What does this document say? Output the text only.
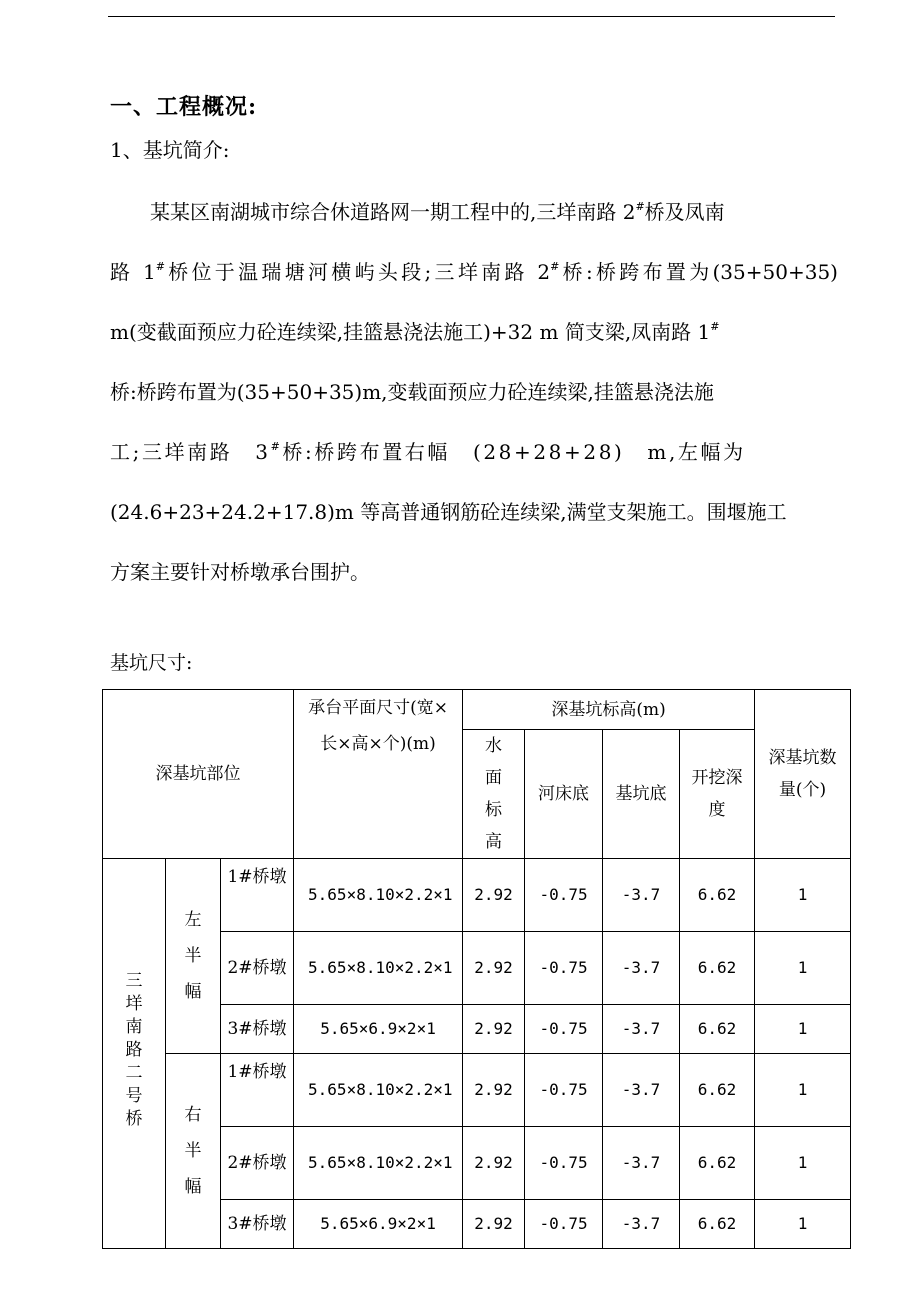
一、工程概况:
1、基坑简介:
某某区南湖城市综合休道路网一期工程中的,三垟南路 2#桥及凤南
路 1#桥位于温瑞塘河横屿头段;三垟南路 2#桥:桥跨布置为(35+50+35)
m(变截面预应力砼连续梁,挂篮悬浇法施工)+32 m 简支梁,凤南路 1#
桥:桥跨布置为(35+50+35)m,变载面预应力砼连续梁,挂篮悬浇法施
工;三垟南路 3#桥:桥跨布置右幅 (28+28+28) m,左幅为
(24.6+23+24.2+17.8)m 等高普通钢筋砼连续梁,满堂支架施工。围堰施工
方案主要针对桥墩承台围护。
基坑尺寸:
深基坑部位			承台平面尺寸(宽×长×高×个)(m)	深基坑标高(m)				深基坑数量(个)
				水面标高	河床底	基坑底	开挖深度	
三垟南路二号桥	左半幅	1#桥墩	5.65×8.10×2.2×1	2.92	-0.75	-3.7	6.62	1
		2#桥墩	5.65×8.10×2.2×1	2.92	-0.75	-3.7	6.62	1
		3#桥墩	5.65×6.9×2×1	2.92	-0.75	-3.7	6.62	1
	右半幅	1#桥墩	5.65×8.10×2.2×1	2.92	-0.75	-3.7	6.62	1
		2#桥墩	5.65×8.10×2.2×1	2.92	-0.75	-3.7	6.62	1
		3#桥墩	5.65×6.9×2×1	2.92	-0.75	-3.7	6.62	1
